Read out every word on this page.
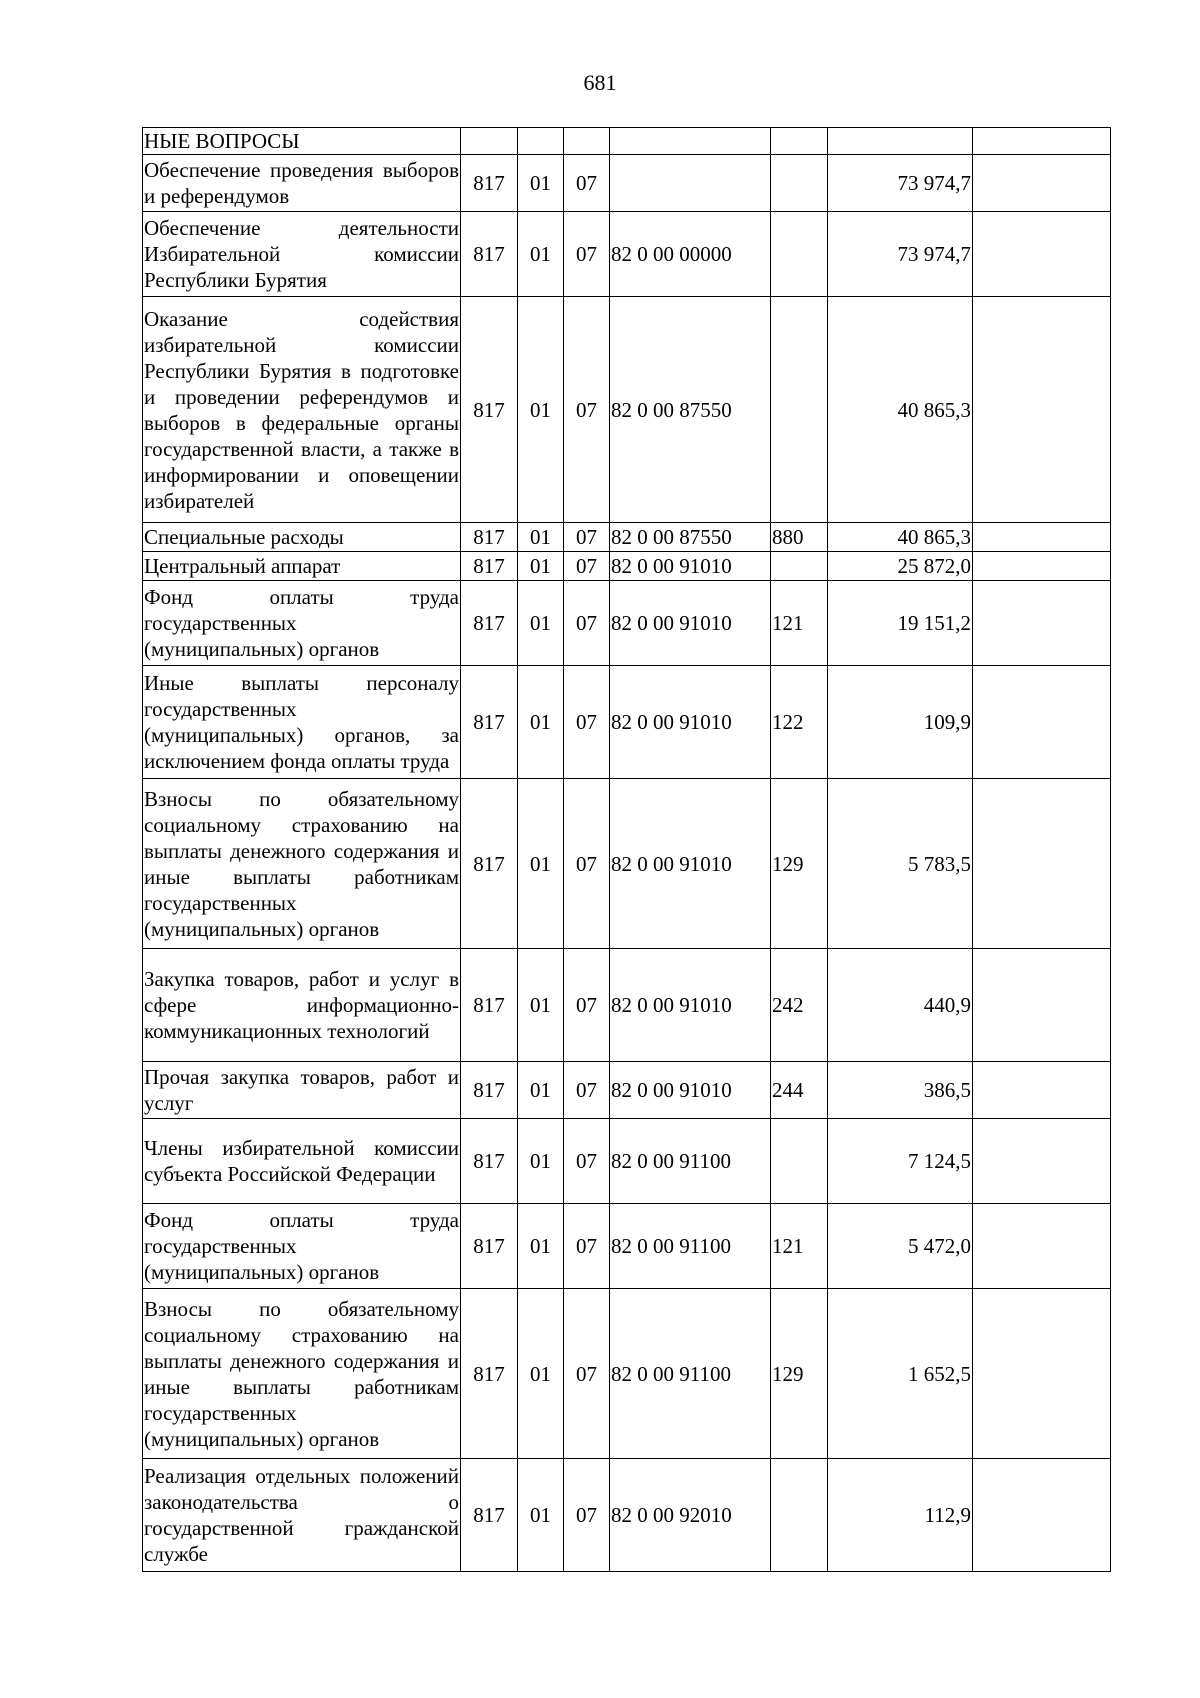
681
НЫЕ ВОПРОСЫ							
Обеспечение проведения выборов и референдумов	817	01	07			73 974,7	
Обеспечение деятельности Избирательной комиссии Республики Бурятия	817	01	07	82 0 00 00000		73 974,7	
Оказание содействия избирательной комиссии Республики Бурятия в подготовке и проведении референдумов и выборов в федеральные органы государственной власти, а также в информировании и оповещении избирателей	817	01	07	82 0 00 87550		40 865,3	
Специальные расходы	817	01	07	82 0 00 87550	880	40 865,3	
Центральный аппарат	817	01	07	82 0 00 91010		25 872,0	
Фонд оплаты труда государственных (муниципальных) органов	817	01	07	82 0 00 91010	121	19 151,2	
Иные выплаты персоналу государственных (муниципальных) органов, за исключением фонда оплаты труда	817	01	07	82 0 00 91010	122	109,9	
Взносы по обязательному социальному страхованию на выплаты денежного содержания и иные выплаты работникам государственных (муниципальных) органов	817	01	07	82 0 00 91010	129	5 783,5	
Закупка товаров, работ и услуг в сфере информационно-коммуникационных технологий	817	01	07	82 0 00 91010	242	440,9	
Прочая закупка товаров, работ и услуг	817	01	07	82 0 00 91010	244	386,5	
Члены избирательной комиссии субъекта Российской Федерации	817	01	07	82 0 00 91100		7 124,5	
Фонд оплаты труда государственных (муниципальных) органов	817	01	07	82 0 00 91100	121	5 472,0	
Взносы по обязательному социальному страхованию на выплаты денежного содержания и иные выплаты работникам государственных (муниципальных) органов	817	01	07	82 0 00 91100	129	1 652,5	
Реализация отдельных положений законодательства о государственной гражданской службе	817	01	07	82 0 00 92010		112,9	
